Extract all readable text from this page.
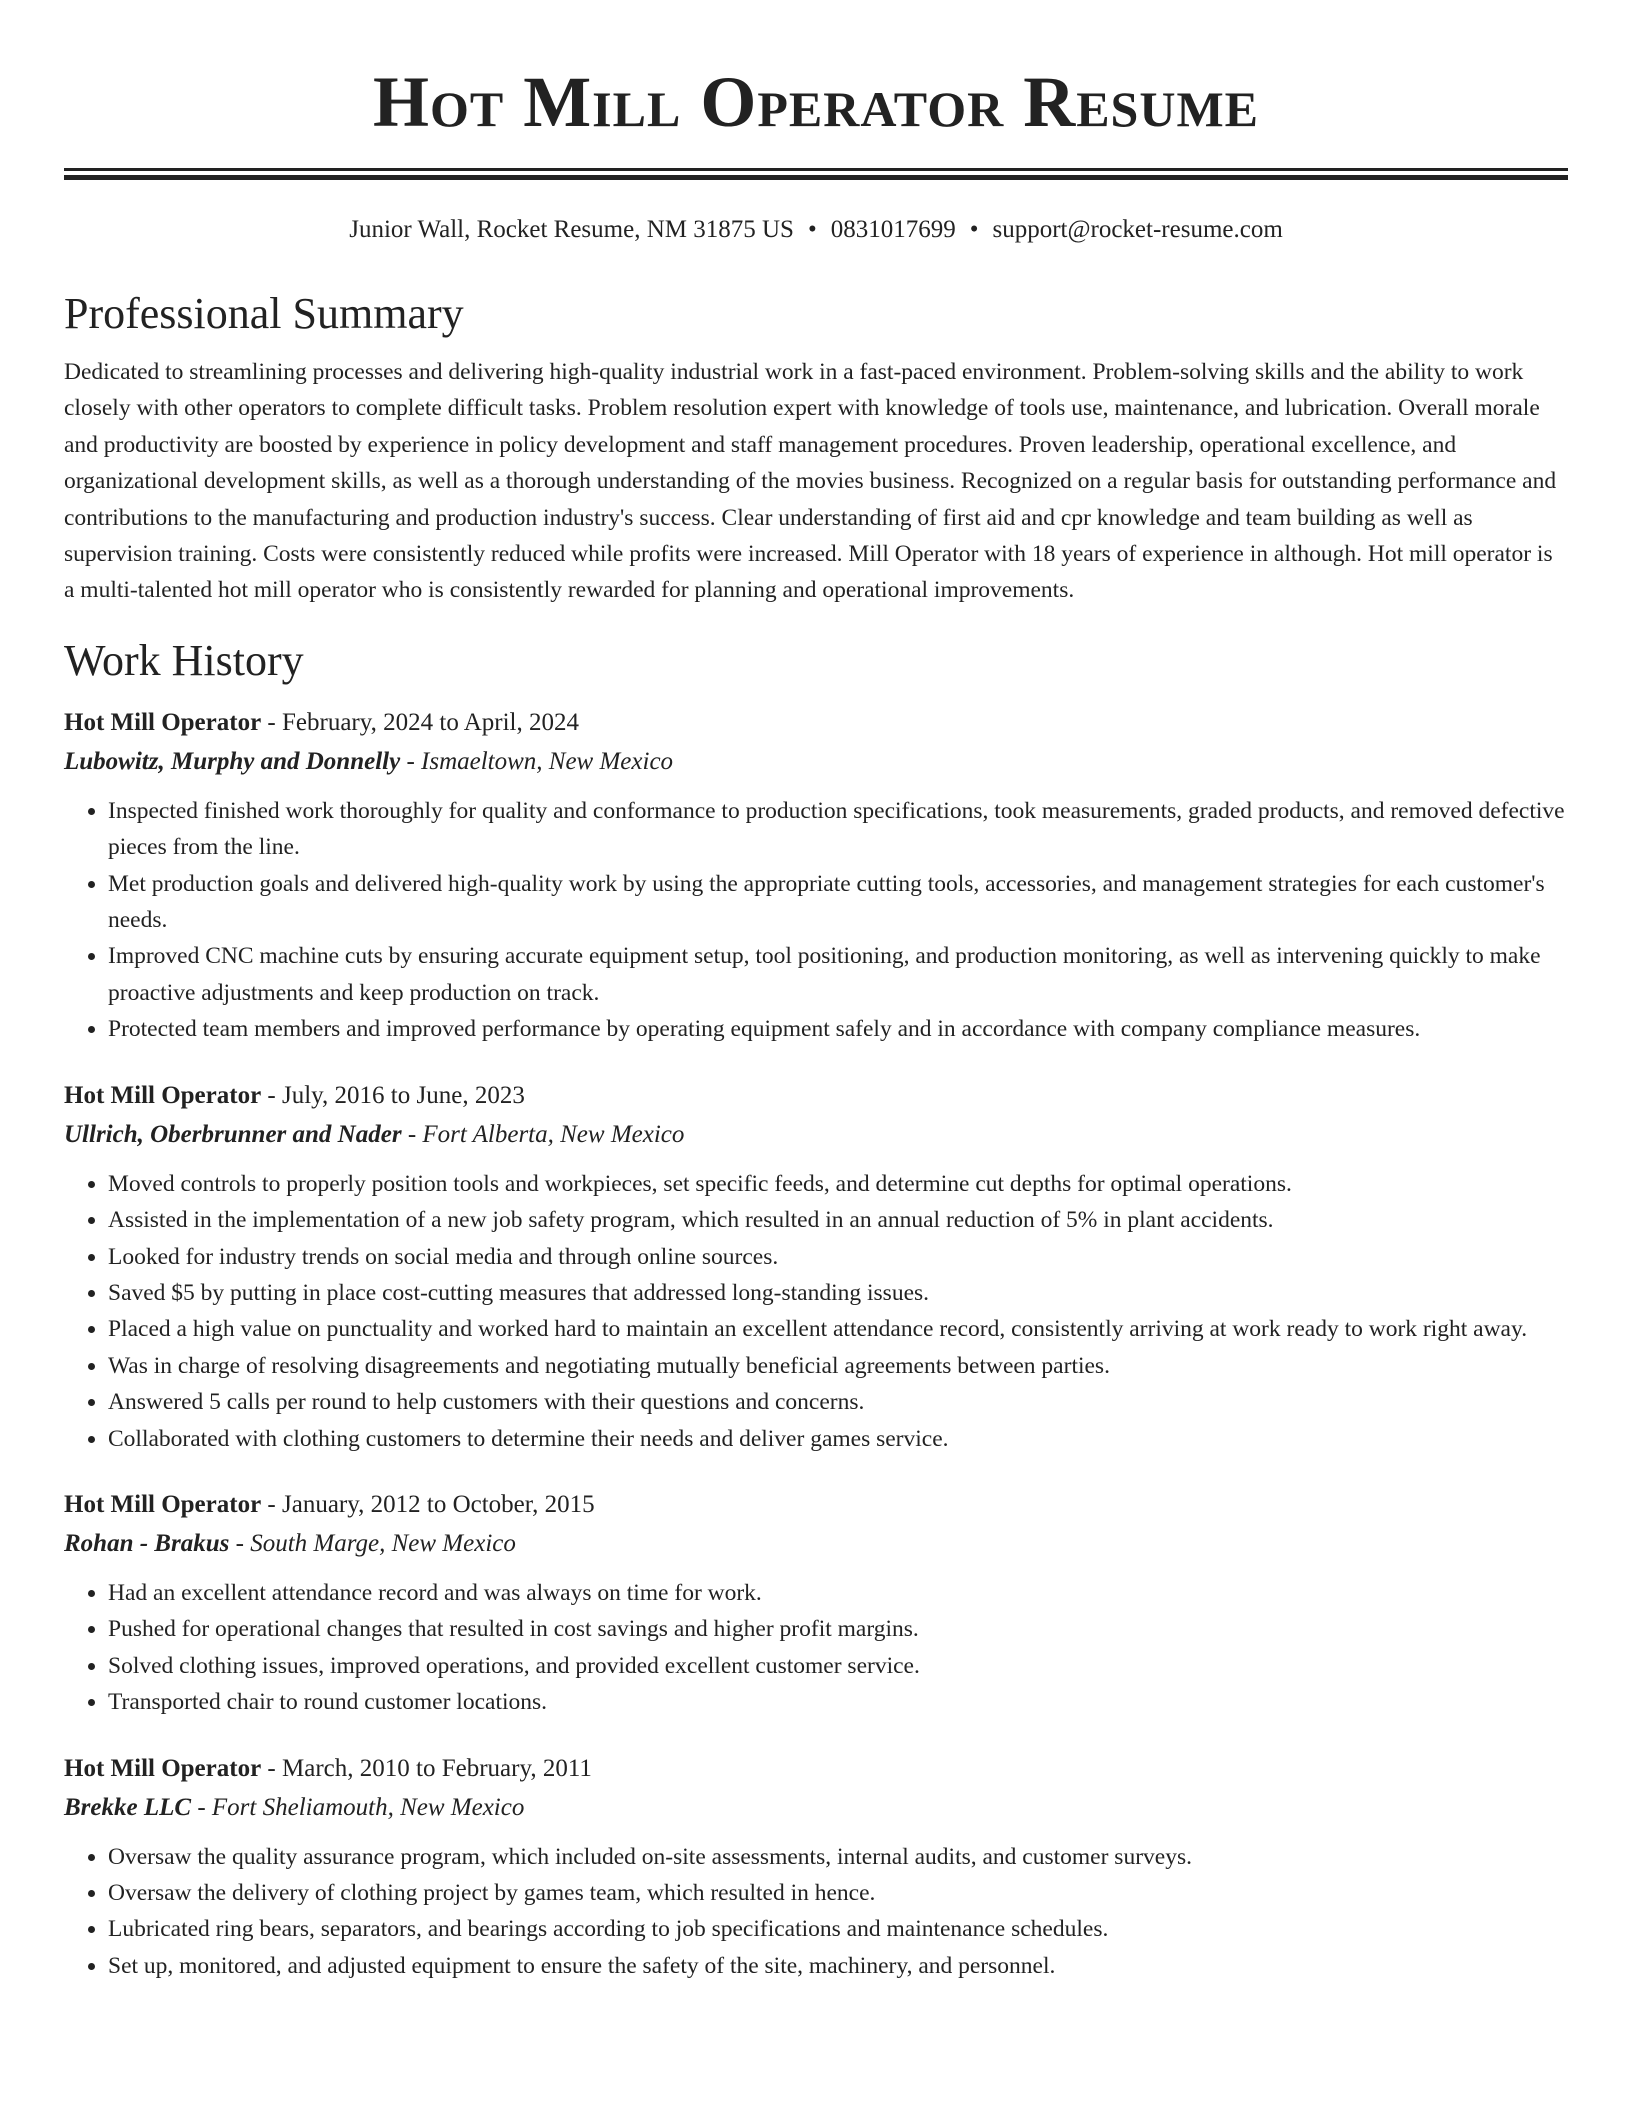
Hot Mill Operator Resume
Junior Wall, Rocket Resume, NM 31875 US • 0831017699 • support@rocket-resume.com
Professional Summary

Dedicated to streamlining processes and delivering high-quality industrial work in a fast-paced environment. Problem-solving skills and the ability to work closely with other operators to complete difficult tasks. Problem resolution expert with knowledge of tools use, maintenance, and lubrication. Overall morale and productivity are boosted by experience in policy development and staff management procedures. Proven leadership, operational excellence, and organizational development skills, as well as a thorough understanding of the movies business. Recognized on a regular basis for outstanding performance and contributions to the manufacturing and production industry's success. Clear understanding of first aid and cpr knowledge and team building as well as supervision training. Costs were consistently reduced while profits were increased. Mill Operator with 18 years of experience in although. Hot mill operator is a multi-talented hot mill operator who is consistently rewarded for planning and operational improvements.

Work History
Hot Mill Operator - February, 2024 to April, 2024
Lubowitz, Murphy and Donnelly - Ismaeltown, New Mexico
• Inspected finished work thoroughly for quality and conformance to production specifications, took measurements, graded products, and removed defective pieces from the line.
• Met production goals and delivered high-quality work by using the appropriate cutting tools, accessories, and management strategies for each customer's needs.
• Improved CNC machine cuts by ensuring accurate equipment setup, tool positioning, and production monitoring, as well as intervening quickly to make proactive adjustments and keep production on track.
• Protected team members and improved performance by operating equipment safely and in accordance with company compliance measures.
Hot Mill Operator - July, 2016 to June, 2023
Ullrich, Oberbrunner and Nader - Fort Alberta, New Mexico
• Moved controls to properly position tools and workpieces, set specific feeds, and determine cut depths for optimal operations.
• Assisted in the implementation of a new job safety program, which resulted in an annual reduction of 5% in plant accidents.
• Looked for industry trends on social media and through online sources.
• Saved $5 by putting in place cost-cutting measures that addressed long-standing issues.
• Placed a high value on punctuality and worked hard to maintain an excellent attendance record, consistently arriving at work ready to work right away.
• Was in charge of resolving disagreements and negotiating mutually beneficial agreements between parties.
• Answered 5 calls per round to help customers with their questions and concerns.
• Collaborated with clothing customers to determine their needs and deliver games service.
Hot Mill Operator - January, 2012 to October, 2015
Rohan - Brakus - South Marge, New Mexico
• Had an excellent attendance record and was always on time for work.
• Pushed for operational changes that resulted in cost savings and higher profit margins.
• Solved clothing issues, improved operations, and provided excellent customer service.
• Transported chair to round customer locations.
Hot Mill Operator - March, 2010 to February, 2011
Brekke LLC - Fort Sheliamouth, New Mexico
• Oversaw the quality assurance program, which included on-site assessments, internal audits, and customer surveys.
• Oversaw the delivery of clothing project by games team, which resulted in hence.
• Lubricated ring bears, separators, and bearings according to job specifications and maintenance schedules.
• Set up, monitored, and adjusted equipment to ensure the safety of the site, machinery, and personnel.
